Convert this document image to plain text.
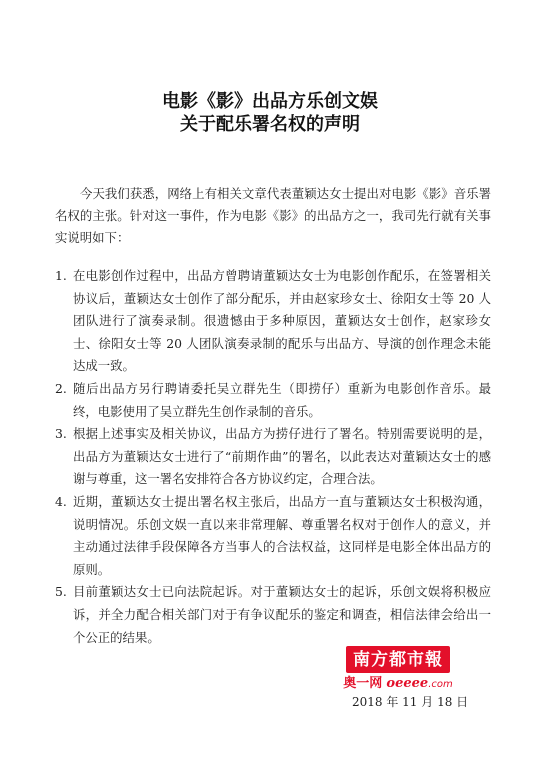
电影《影》出品方乐创文娱
关于配乐署名权的声明

今天我们获悉，网络上有相关文章代表董颖达女士提出对电影《影》音乐署名权的主张。针对这一事件，作为电影《影》的出品方之一，我司先行就有关事实说明如下：

1. 在电影创作过程中，出品方曾聘请董颖达女士为电影创作配乐，在签署相关协议后，董颖达女士创作了部分配乐，并由赵家珍女士、徐阳女士等 20 人团队进行了演奏录制。很遗憾由于多种原因，董颖达女士创作，赵家珍女士、徐阳女士等 20 人团队演奏录制的配乐与出品方、导演的创作理念未能达成一致。
2. 随后出品方另行聘请委托吴立群先生（即捞仔）重新为电影创作音乐。最终，电影使用了吴立群先生创作录制的音乐。
3. 根据上述事实及相关协议，出品方为捞仔进行了署名。特别需要说明的是，出品方为董颖达女士进行了“前期作曲”的署名，以此表达对董颖达女士的感谢与尊重，这一署名安排符合各方协议约定，合理合法。
4. 近期，董颖达女士提出署名权主张后，出品方一直与董颖达女士积极沟通，说明情况。乐创文娱一直以来非常理解、尊重署名权对于创作人的意义，并主动通过法律手段保障各方当事人的合法权益，这同样是电影全体出品方的原则。
5. 目前董颖达女士已向法院起诉。对于董颖达女士的起诉，乐创文娱将积极应诉，并全力配合相关部门对于有争议配乐的鉴定和调查，相信法律会给出一个公正的结果。
南方都市報
奥一网 oeeee.com
2018 年 11 月 18 日
